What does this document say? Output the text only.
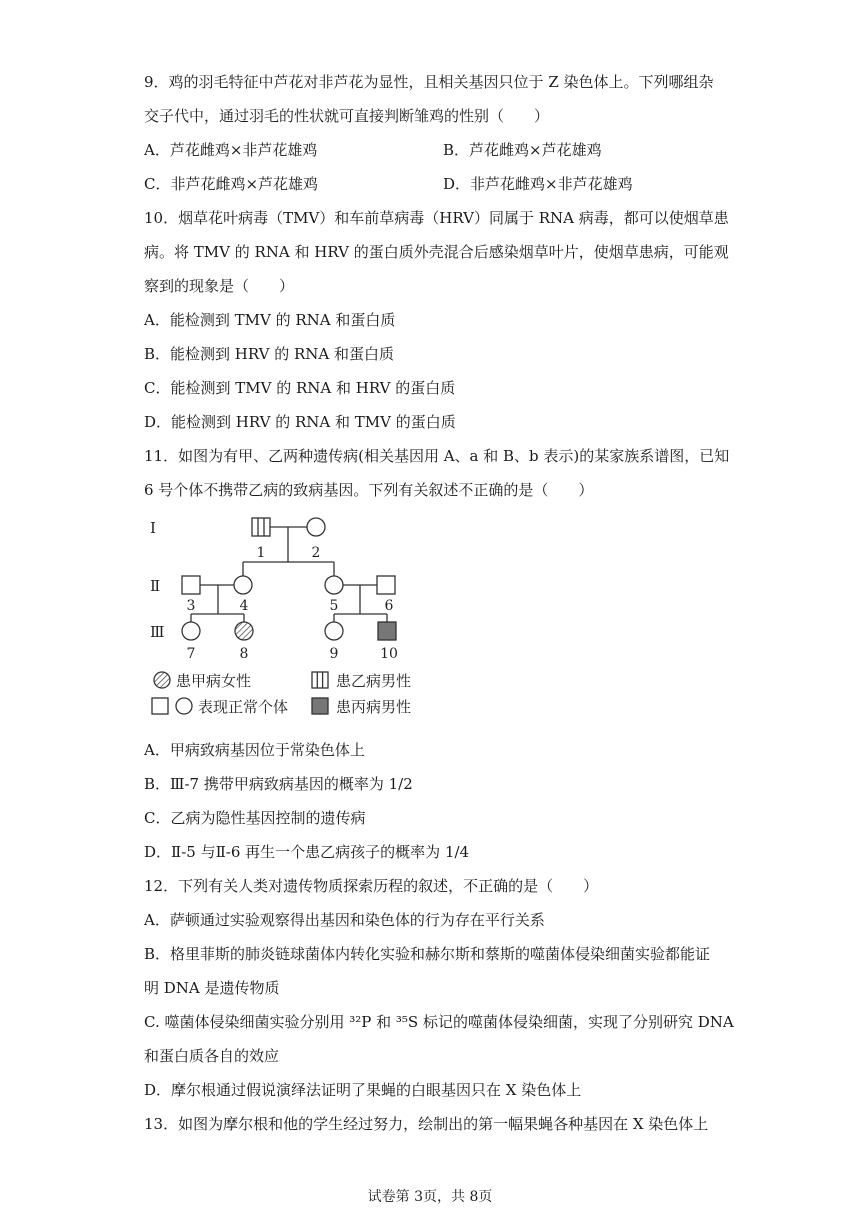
9．鸡的羽毛特征中芦花对非芦花为显性，且相关基因只位于 Z 染色体上。下列哪组杂
交子代中，通过羽毛的性状就可直接判断雏鸡的性别（　　）
A．芦花雌鸡×非芦花雄鸡	B．芦花雌鸡×芦花雄鸡
C．非芦花雌鸡×芦花雄鸡	D．非芦花雌鸡×非芦花雄鸡
10．烟草花叶病毒（TMV）和车前草病毒（HRV）同属于 RNA 病毒，都可以使烟草患
病。将 TMV 的 RNA 和 HRV 的蛋白质外壳混合后感染烟草叶片，使烟草患病，可能观
察到的现象是（　　）
A．能检测到 TMV 的 RNA 和蛋白质
B．能检测到 HRV 的 RNA 和蛋白质
C．能检测到 TMV 的 RNA 和 HRV 的蛋白质
D．能检测到 HRV 的 RNA 和 TMV 的蛋白质
11．如图为有甲、乙两种遗传病(相关基因用 A、a 和 B、b 表示)的某家族系谱图，已知
6 号个体不携带乙病的致病基因。下列有关叙述不正确的是（　　）
Ⅰ
Ⅱ
Ⅲ
1	2
3	4	5	6
7	8	9	10
患甲病女性	患乙病男性
表现正常个体	患丙病男性
A．甲病致病基因位于常染色体上
B．Ⅲ-7 携带甲病致病基因的概率为 1/2
C．乙病为隐性基因控制的遗传病
D．Ⅱ-5 与Ⅱ-6 再生一个患乙病孩子的概率为 1/4
12．下列有关人类对遗传物质探索历程的叙述，不正确的是（　　）
A．萨顿通过实验观察得出基因和染色体的行为存在平行关系
B．格里菲斯的肺炎链球菌体内转化实验和赫尔斯和蔡斯的噬菌体侵染细菌实验都能证
明 DNA 是遗传物质
C. 噬菌体侵染细菌实验分别用 ³²P 和 ³⁵S 标记的噬菌体侵染细菌，实现了分别研究 DNA
和蛋白质各自的效应
D．摩尔根通过假说演绎法证明了果蝇的白眼基因只在 X 染色体上
13．如图为摩尔根和他的学生经过努力，绘制出的第一幅果蝇各种基因在 X 染色体上
试卷第 3页，共 8页
